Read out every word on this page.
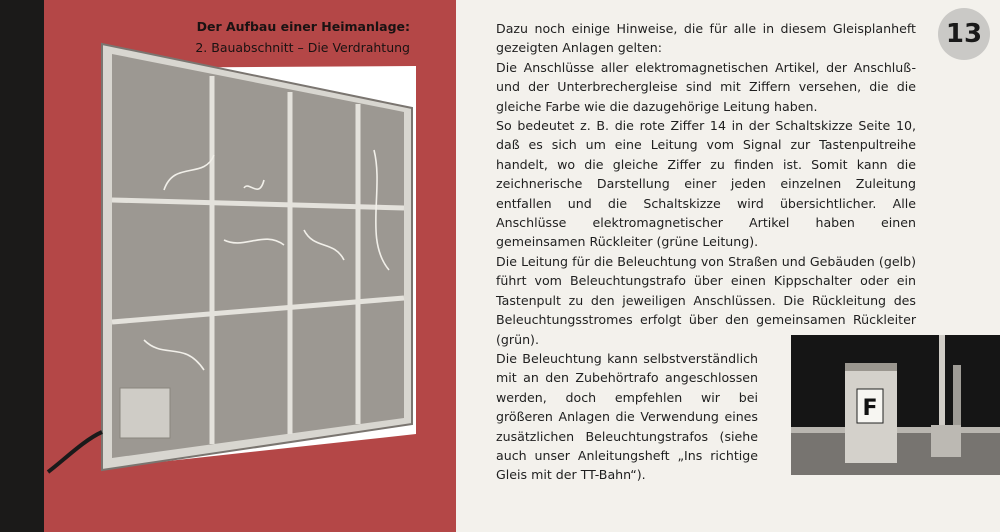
Der Aufbau einer Heimanlage:
2. Bauabschnitt – Die Verdrahtung	13

Dazu noch einige Hinweise, die für alle in diesem Gleisplanheft gezeigten Anlagen gelten:

Die Anschlüsse aller elektromagnetischen Artikel, der Anschluß- und der Unterbrechergleise sind mit Ziffern versehen, die die gleiche Farbe wie die dazugehörige Leitung haben.

So bedeutet z. B. die rote Ziffer 14 in der Schaltskizze Seite 10, daß es sich um eine Leitung vom Signal zur Tastenpultreihe handelt, wo die gleiche Ziffer zu finden ist. Somit kann die zeichnerische Darstellung einer jeden einzelnen Zuleitung entfallen und die Schaltskizze wird übersichtlicher. Alle Anschlüsse elektromagnetischer Artikel haben einen gemeinsamen Rückleiter (grüne Leitung).

Die Leitung für die Beleuchtung von Straßen und Gebäuden (gelb) führt vom Beleuchtungstrafo über einen Kippschalter oder ein Tastenpult zu den jeweiligen Anschlüssen. Die Rückleitung des Beleuchtungsstromes erfolgt über den gemeinsamen Rückleiter (grün).

Die Beleuchtung kann selbstverständlich mit an den Zubehörtrafo angeschlossen werden, doch empfehlen wir bei größeren Anlagen die Verwendung eines zusätzlichen Beleuchtungstrafos (siehe auch unser Anleitungsheft „Ins richtige Gleis mit der TT-Bahn“).

F
